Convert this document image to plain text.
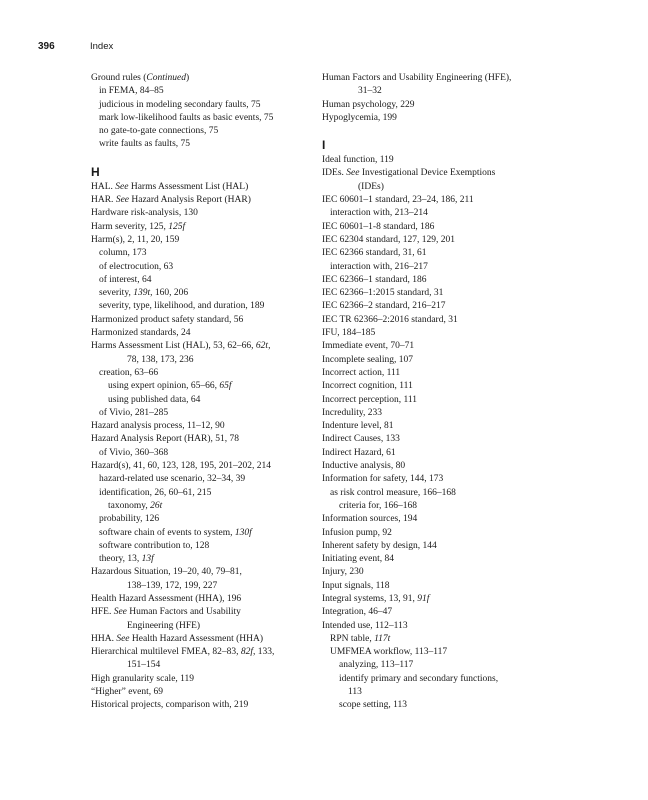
396	Index
Ground rules (Continued)
in FEMA, 84–85
judicious in modeling secondary faults, 75
mark low-likelihood faults as basic events, 75
no gate-to-gate connections, 75
write faults as faults, 75
H
HAL. See Harms Assessment List (HAL)
HAR. See Hazard Analysis Report (HAR)
Hardware risk-analysis, 130
Harm severity, 125, 125f
Harm(s), 2, 11, 20, 159
column, 173
of electrocution, 63
of interest, 64
severity, 139t, 160, 206
severity, type, likelihood, and duration, 189
Harmonized product safety standard, 56
Harmonized standards, 24
Harms Assessment List (HAL), 53, 62–66, 62t,
78, 138, 173, 236
creation, 63–66
using expert opinion, 65–66, 65f
using published data, 64
of Vivio, 281–285
Hazard analysis process, 11–12, 90
Hazard Analysis Report (HAR), 51, 78
of Vivio, 360–368
Hazard(s), 41, 60, 123, 128, 195, 201–202, 214
hazard-related use scenario, 32–34, 39
identification, 26, 60–61, 215
taxonomy, 26t
probability, 126
software chain of events to system, 130f
software contribution to, 128
theory, 13, 13f
Hazardous Situation, 19–20, 40, 79–81,
138–139, 172, 199, 227
Health Hazard Assessment (HHA), 196
HFE. See Human Factors and Usability
Engineering (HFE)
HHA. See Health Hazard Assessment (HHA)
Hierarchical multilevel FMEA, 82–83, 82f, 133,
151–154
High granularity scale, 119
“Higher” event, 69
Historical projects, comparison with, 219
Human Factors and Usability Engineering (HFE),
31–32
Human psychology, 229
Hypoglycemia, 199
I
Ideal function, 119
IDEs. See Investigational Device Exemptions
(IDEs)
IEC 60601–1 standard, 23–24, 186, 211
interaction with, 213–214
IEC 60601–1-8 standard, 186
IEC 62304 standard, 127, 129, 201
IEC 62366 standard, 31, 61
interaction with, 216–217
IEC 62366–1 standard, 186
IEC 62366–1:2015 standard, 31
IEC 62366–2 standard, 216–217
IEC TR 62366–2:2016 standard, 31
IFU, 184–185
Immediate event, 70–71
Incomplete sealing, 107
Incorrect action, 111
Incorrect cognition, 111
Incorrect perception, 111
Incredulity, 233
Indenture level, 81
Indirect Causes, 133
Indirect Hazard, 61
Inductive analysis, 80
Information for safety, 144, 173
as risk control measure, 166–168
criteria for, 166–168
Information sources, 194
Infusion pump, 92
Inherent safety by design, 144
Initiating event, 84
Injury, 230
Input signals, 118
Integral systems, 13, 91, 91f
Integration, 46–47
Intended use, 112–113
RPN table, 117t
UMFMEA workflow, 113–117
analyzing, 113–117
identify primary and secondary functions,
113
scope setting, 113
